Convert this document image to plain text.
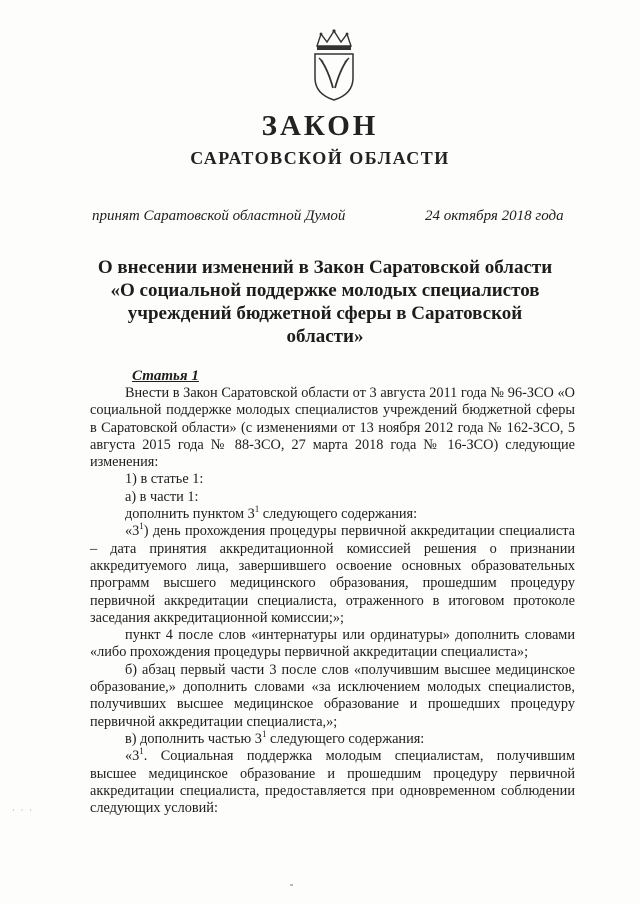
ЗАКОН
САРАТОВСКОЙ ОБЛАСТИ
принят Саратовской областной Думой	24 октября 2018 года
О внесении изменений в Закон Саратовской области «О социальной поддержке молодых специалистов учреждений бюджетной сферы в Саратовской области»
Статья 1

Внести в Закон Саратовской области от 3 августа 2011 года № 96-ЗСО «О социальной поддержке молодых специалистов учреждений бюджетной сферы в Саратовской области» (с изменениями от 13 ноября 2012 года № 162-ЗСО, 5 августа 2015 года № 88-ЗСО, 27 марта 2018 года № 16-ЗСО) следующие изменения:

1) в статье 1:

а) в части 1:

дополнить пунктом $3^1$ следующего содержания:

«$3^1$) день прохождения процедуры первичной аккредитации специалиста – дата принятия аккредитационной комиссией решения о признании аккредитуемого лица, завершившего освоение основных образовательных программ высшего медицинского образования, прошедшим процедуру первичной аккредитации специалиста, отраженного в итоговом протоколе заседания аккредитационной комиссии;»;

пункт 4 после слов «интернатуры или ординатуры» дополнить словами «либо прохождения процедуры первичной аккредитации специалиста»;

б) абзац первый части 3 после слов «получившим высшее медицинское образование,» дополнить словами «за исключением молодых специалистов, получивших высшее медицинское образование и прошедших процедуру первичной аккредитации специалиста,»;

в) дополнить частью $3^1$ следующего содержания:

«$3^1$. Социальная поддержка молодым специалистам, получившим высшее медицинское образование и прошедшим процедуру первичной аккредитации специалиста, предоставляется при одновременном соблюдении следующих условий:

· · ·
